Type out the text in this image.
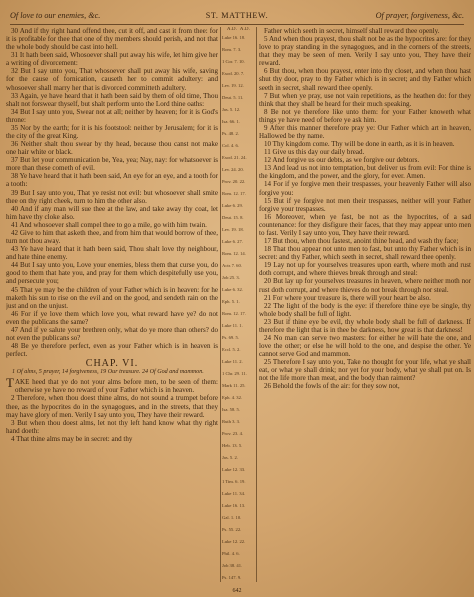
Of love to our enemies, &c.	ST. MATTHEW.	Of prayer, forgiveness, &c.

30 And if thy right hand offend thee, cut it off, and cast it from thee: for it is profitable for thee that one of thy members should perish, and not that the whole body should be cast into hell.

31 It hath been said, Whosoever shall put away his wife, let him give her a writing of divorcement:

32 But I say unto you, That whosoever shall put away his wife, saving for the cause of fornication, causeth her to commit adultery: and whosoever shall marry her that is divorced committeth adultery.

33 Again, ye have heard that it hath been said by them of old time, Thou shalt not forswear thyself, but shalt perform unto the Lord thine oaths:

34 But I say unto you, Swear not at all; neither by heaven; for it is God's throne:

35 Nor by the earth; for it is his footstool: neither by Jerusalem; for it is the city of the great King.

36 Neither shalt thou swear by thy head, because thou canst not make one hair white or black.

37 But let your communication be, Yea, yea; Nay, nay: for whatsoever is more than these cometh of evil.

38 Ye have heard that it hath been said, An eye for an eye, and a tooth for a tooth:

39 But I say unto you, That ye resist not evil: but whosoever shall smite thee on thy right cheek, turn to him the other also.

40 And if any man will sue thee at the law, and take away thy coat, let him have thy cloke also.

41 And whosoever shall compel thee to go a mile, go with him twain.

42 Give to him that asketh thee, and from him that would borrow of thee, turn not thou away.

43 Ye have heard that it hath been said, Thou shalt love thy neighbour, and hate thine enemy.

44 But I say unto you, Love your enemies, bless them that curse you, do good to them that hate you, and pray for them which despitefully use you, and persecute you;

45 That ye may be the children of your Father which is in heaven: for he maketh his sun to rise on the evil and on the good, and sendeth rain on the just and on the unjust.

46 For if ye love them which love you, what reward have ye? do not even the publicans the same?

47 And if ye salute your brethren only, what do ye more than others? do not even the publicans so?

48 Be ye therefore perfect, even as your Father which is in heaven is perfect.

CHAP. VI.

1 Of alms, 5 prayer, 14 forgiveness, 19 Our treasure. 24 Of God and mammon.

TAKE heed that ye do not your alms before men, to be seen of them: otherwise ye have no reward of your Father which is in heaven.

2 Therefore, when thou doest thine alms, do not sound a trumpet before thee, as the hypocrites do in the synagogues, and in the streets, that they may have glory of men. Verily I say unto you, They have their reward.

3 But when thou doest alms, let not thy left hand know what thy right hand doeth:

4 That thine alms may be in secret: and thy

A.D. A.D.
Luke 16. 18.
Rom. 7. 3.
1 Cor. 7. 10.
Exod. 20. 7.
Lev. 19. 12.
Deut. 5. 11.
Jas. 5. 12.
Isa. 66. 1.
Ps. 48. 2.
Col. 4. 6.
Exod. 21. 24.
Lev. 24. 20.
Prov. 20. 22.
Rom. 12. 17.
Luke 6. 29.
Deut. 15. 8.
Lev. 19. 18.
Luke 6. 27.
Rom. 12. 14.
Acts 7. 60.
Job 25. 3.
Luke 6. 32.
Eph. 5. 1.
Rom. 12. 17.
Luke 11. 1.
Ps. 69. 5.
Eccl. 5. 2.
Luke 11. 2.
1 Chr. 29. 11.
Mark 11. 25.
Eph. 4. 32.
Isa. 58. 5.
Ruth 3. 3.
Prov. 23. 4.
Heb. 13. 5.
Jas. 5. 2.
Luke 12. 33.
1 Tim. 6. 19.
Luke 11. 34.
Luke 16. 13.
Gal. 1. 10.
Ps. 55. 22.
Luke 12. 22.
Phil. 4. 6.
Job 38. 41.
Ps. 147. 9.

Father which seeth in secret, himself shall reward thee openly.

5 And when thou prayest, thou shalt not be as the hypocrites are: for they love to pray standing in the synagogues, and in the corners of the streets, that they may be seen of men. Verily I say unto you, They have their reward.

6 But thou, when thou prayest, enter into thy closet, and when thou hast shut thy door, pray to thy Father which is in secret; and thy Father which seeth in secret, shall reward thee openly.

7 But when ye pray, use not vain repetitions, as the heathen do: for they think that they shall be heard for their much speaking.

8 Be not ye therefore like unto them: for your Father knoweth what things ye have need of before ye ask him.

9 After this manner therefore pray ye: Our Father which art in heaven, Hallowed be thy name.

10 Thy kingdom come. Thy will be done in earth, as it is in heaven.

11 Give us this day our daily bread.

12 And forgive us our debts, as we forgive our debtors.

13 And lead us not into temptation, but deliver us from evil: For thine is the kingdom, and the power, and the glory, for ever. Amen.

14 For if ye forgive men their trespasses, your heavenly Father will also forgive you:

15 But if ye forgive not men their trespasses, neither will your Father forgive your trespasses.

16 Moreover, when ye fast, be not as the hypocrites, of a sad countenance: for they disfigure their faces, that they may appear unto men to fast. Verily I say unto you, They have their reward.

17 But thou, when thou fastest, anoint thine head, and wash thy face;

18 That thou appear not unto men to fast, but unto thy Father which is in secret: and thy Father, which seeth in secret, shall reward thee openly.

19 Lay not up for yourselves treasures upon earth, where moth and rust doth corrupt, and where thieves break through and steal:

20 But lay up for yourselves treasures in heaven, where neither moth nor rust doth corrupt, and where thieves do not break through nor steal.

21 For where your treasure is, there will your heart be also.

22 The light of the body is the eye: if therefore thine eye be single, thy whole body shall be full of light.

23 But if thine eye be evil, thy whole body shall be full of darkness. If therefore the light that is in thee be darkness, how great is that darkness!

24 No man can serve two masters: for either he will hate the one, and love the other; or else he will hold to the one, and despise the other. Ye cannot serve God and mammon.

25 Therefore I say unto you, Take no thought for your life, what ye shall eat, or what ye shall drink; nor yet for your body, what ye shall put on. Is not the life more than meat, and the body than raiment?

26 Behold the fowls of the air: for they sow not,

642
